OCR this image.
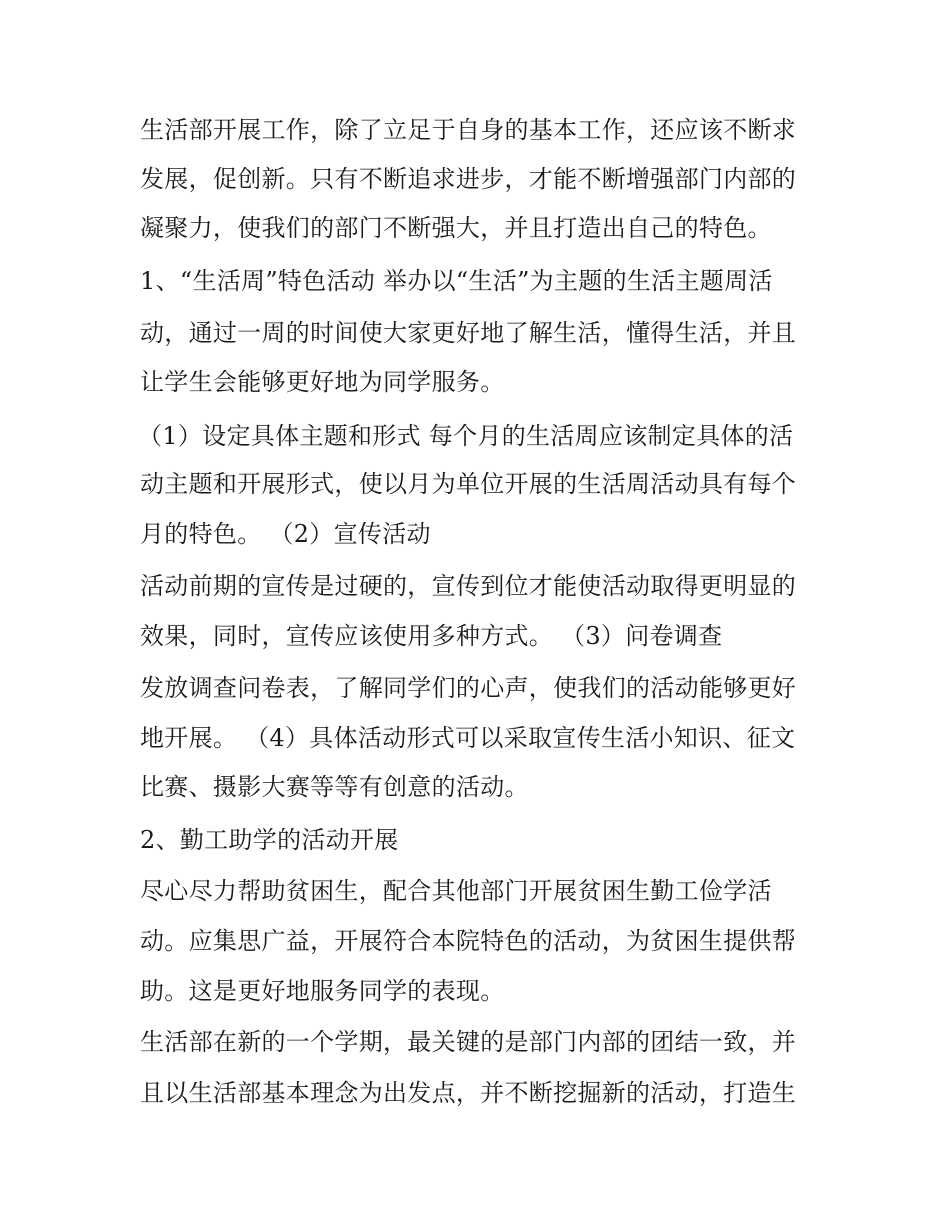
生活部开展工作，除了立足于自身的基本工作，还应该不断求
发展，促创新。只有不断追求进步，才能不断增强部门内部的
凝聚力，使我们的部门不断强大，并且打造出自己的特色。
1、“生活周”特色活动 举办以“生活”为主题的生活主题周活
动，通过一周的时间使大家更好地了解生活，懂得生活，并且
让学生会能够更好地为同学服务。
（1）设定具体主题和形式 每个月的生活周应该制定具体的活
动主题和开展形式，使以月为单位开展的生活周活动具有每个
月的特色。 （2）宣传活动
活动前期的宣传是过硬的，宣传到位才能使活动取得更明显的
效果，同时，宣传应该使用多种方式。 （3）问卷调查
发放调查问卷表，了解同学们的心声，使我们的活动能够更好
地开展。 （4）具体活动形式可以采取宣传生活小知识、征文
比赛、摄影大赛等等有创意的活动。
2、勤工助学的活动开展
尽心尽力帮助贫困生，配合其他部门开展贫困生勤工俭学活
动。应集思广益，开展符合本院特色的活动，为贫困生提供帮
助。这是更好地服务同学的表现。
生活部在新的一个学期，最关键的是部门内部的团结一致，并
且以生活部基本理念为出发点，并不断挖掘新的活动，打造生
